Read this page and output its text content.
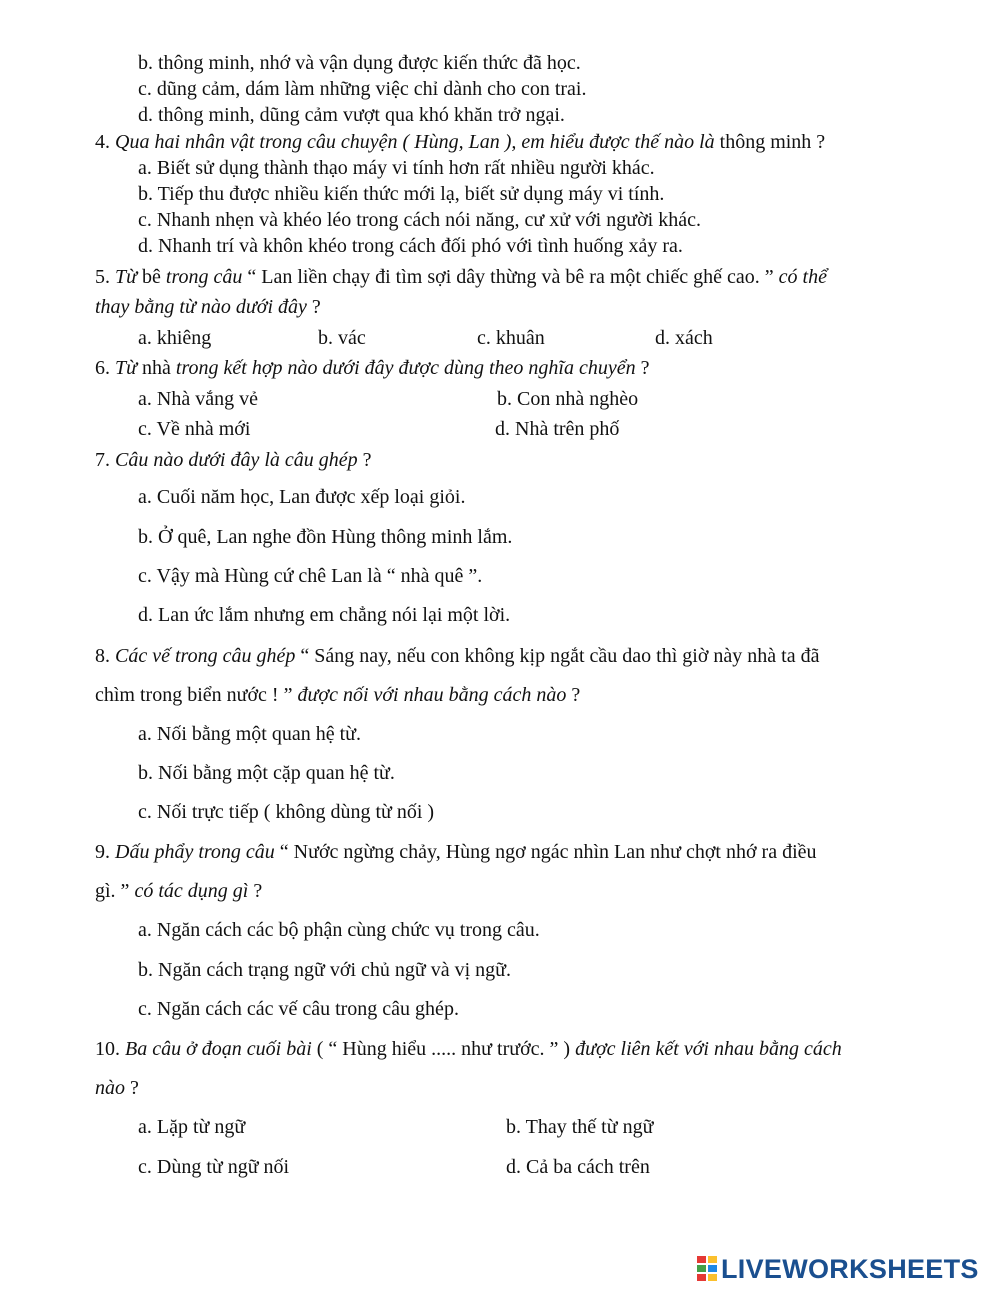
b. thông minh, nhớ và vận dụng được kiến thức đã học.
c. dũng cảm, dám làm những việc chỉ dành cho con trai.
d. thông minh, dũng cảm vượt qua khó khăn trở ngại.
4. Qua hai nhân vật trong câu chuyện ( Hùng, Lan ), em hiểu được thế nào là thông minh ?
a. Biết sử dụng thành thạo máy vi tính hơn rất nhiều người khác.
b. Tiếp thu được nhiều kiến thức mới lạ, biết sử dụng máy vi tính.
c. Nhanh nhẹn và khéo léo trong cách nói năng, cư xử với người khác.
d. Nhanh trí và khôn khéo trong cách đối phó với tình huống xảy ra.
5. Từ bê trong câu “ Lan liền chạy đi tìm sợi dây thừng và bê ra một chiếc ghế cao. ” có thể
thay bằng từ nào dưới đây ?
a. khiêng	b. vác	c. khuân	d. xách
6. Từ nhà trong kết hợp nào dưới đây được dùng theo nghĩa chuyển ?
a. Nhà vắng vẻ	b. Con nhà nghèo
c. Về nhà mới	d. Nhà trên phố
7. Câu nào dưới đây là câu ghép ?
a. Cuối năm học, Lan được xếp loại giỏi.
b. Ở quê, Lan nghe đồn Hùng thông minh lắm.
c. Vậy mà Hùng cứ chê Lan là “ nhà quê ”.
d. Lan ức lắm nhưng em chẳng nói lại một lời.
8. Các vế trong câu ghép “ Sáng nay, nếu con không kịp ngắt cầu dao thì giờ này nhà ta đã
chìm trong biển nước ! ” được nối với nhau bằng cách nào ?
a. Nối bằng một quan hệ từ.
b. Nối bằng một cặp quan hệ từ.
c. Nối trực tiếp ( không dùng từ nối )
9. Dấu phẩy trong câu “ Nước ngừng chảy, Hùng ngơ ngác nhìn Lan như chợt nhớ ra điều
gì. ” có tác dụng gì ?
a. Ngăn cách các bộ phận cùng chức vụ trong câu.
b. Ngăn cách trạng ngữ với chủ ngữ và vị ngữ.
c. Ngăn cách các vế câu trong câu ghép.
10. Ba câu ở đoạn cuối bài ( “ Hùng hiểu ..... như trước. ” ) được liên kết với nhau bằng cách
nào ?
a. Lặp từ ngữ	b. Thay thế từ ngữ
c. Dùng từ ngữ nối	d. Cả ba cách trên
LIVEWORKSHEETS
